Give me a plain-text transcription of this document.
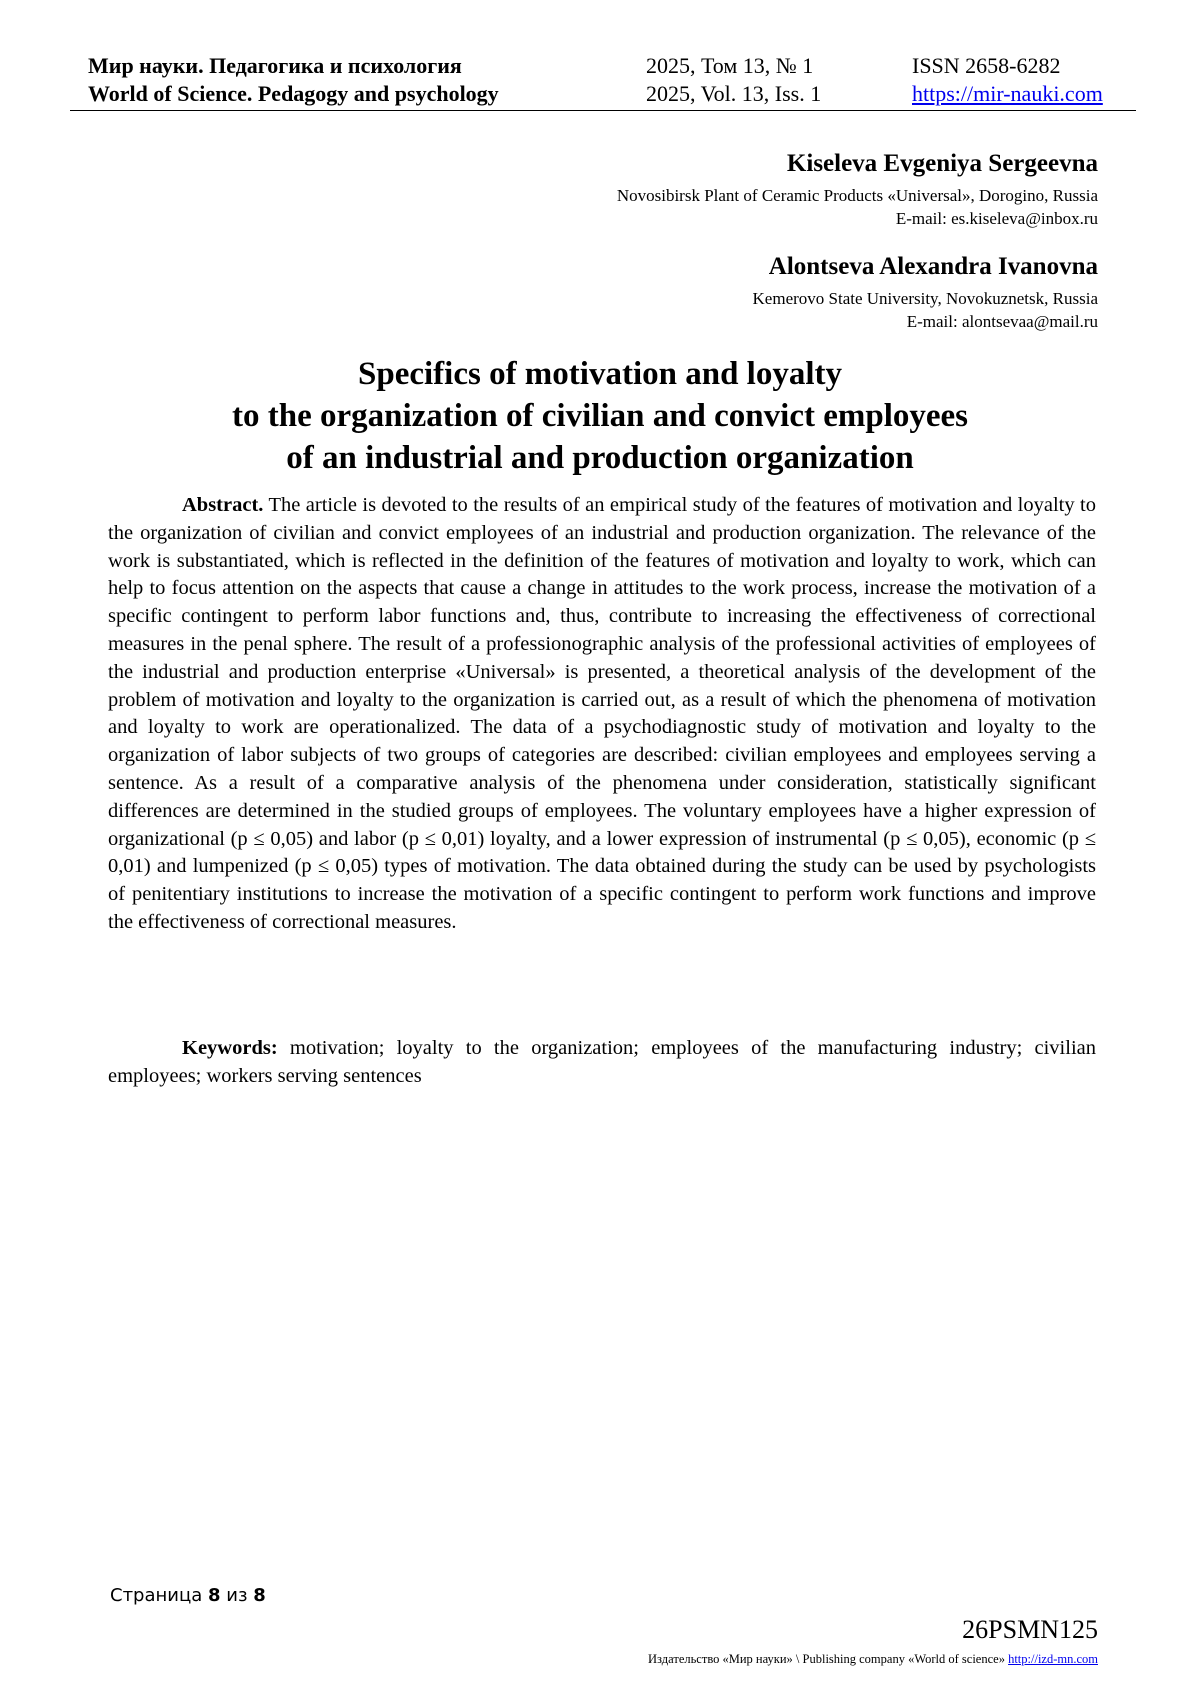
Мир науки. Педагогика и психология
World of Science. Pedagogy and psychology
2025, Том 13, № 1
2025, Vol. 13, Iss. 1
ISSN 2658-6282
https://mir-nauki.com
Kiseleva Evgeniya Sergeevna
Novosibirsk Plant of Ceramic Products «Universal», Dorogino, Russia
E-mail: es.kiseleva@inbox.ru
Alontseva Alexandra Ivanovna
Kemerovo State University, Novokuznetsk, Russia
E-mail: alontsevaa@mail.ru
Specifics of motivation and loyalty
to the organization of civilian and convict employees
of an industrial and production organization

Abstract. The article is devoted to the results of an empirical study of the features of motivation and loyalty to the organization of civilian and convict employees of an industrial and production organization. The relevance of the work is substantiated, which is reflected in the definition of the features of motivation and loyalty to work, which can help to focus attention on the aspects that cause a change in attitudes to the work process, increase the motivation of a specific contingent to perform labor functions and, thus, contribute to increasing the effectiveness of correctional measures in the penal sphere. The result of a professionographic analysis of the professional activities of employees of the industrial and production enterprise «Universal» is presented, a theoretical analysis of the development of the problem of motivation and loyalty to the organization is carried out, as a result of which the phenomena of motivation and loyalty to work are operationalized. The data of a psychodiagnostic study of motivation and loyalty to the organization of labor subjects of two groups of categories are described: civilian employees and employees serving a sentence. As a result of a comparative analysis of the phenomena under consideration, statistically significant differences are determined in the studied groups of employees. The voluntary employees have a higher expression of organizational (p ≤ 0,05) and labor (p ≤ 0,01) loyalty, and a lower expression of instrumental (p ≤ 0,05), economic (p ≤ 0,01) and lumpenized (p ≤ 0,05) types of motivation. The data obtained during the study can be used by psychologists of penitentiary institutions to increase the motivation of a specific contingent to perform work functions and improve the effectiveness of correctional measures.

Keywords: motivation; loyalty to the organization; employees of the manufacturing industry; civilian employees; workers serving sentences

Страница 8 из 8
26PSMN125
Издательство «Мир науки» \ Publishing company «World of science» http://izd-mn.com
